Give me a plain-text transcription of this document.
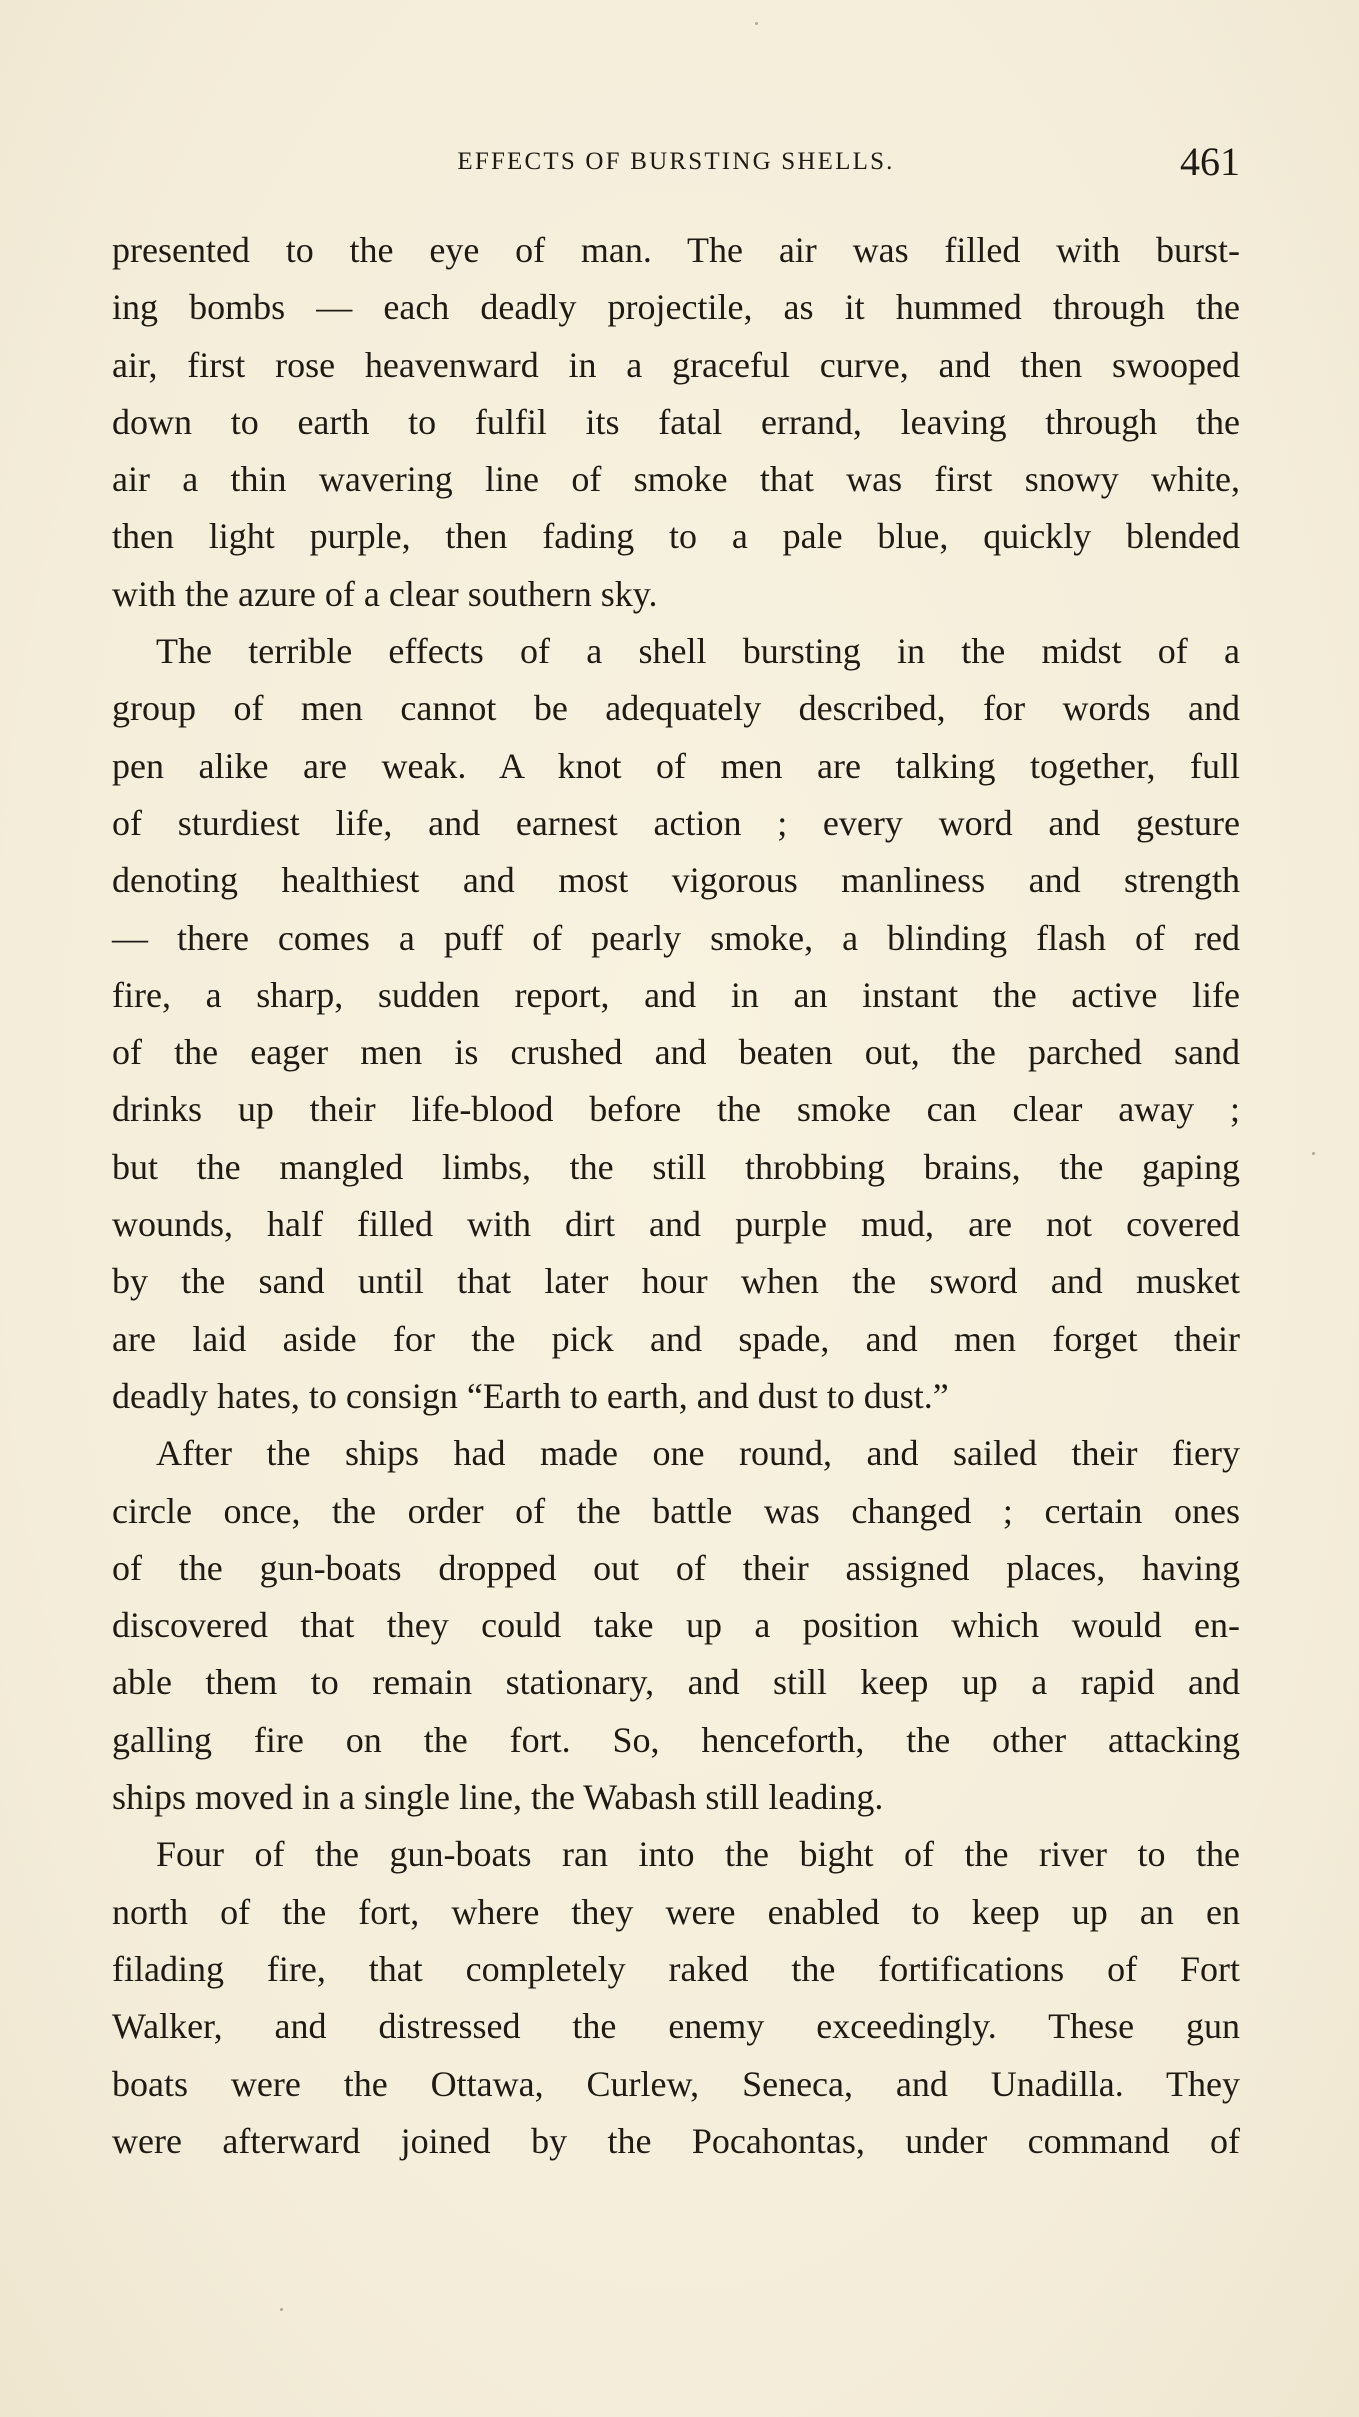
EFFECTS OF BURSTING SHELLS.	461
presented to the eye of man. The air was filled with burst-
ing bombs — each deadly projectile, as it hummed through the
air, first rose heavenward in a graceful curve, and then swooped
down to earth to fulfil its fatal errand, leaving through the
air a thin wavering line of smoke that was first snowy white,
then light purple, then fading to a pale blue, quickly blended
with the azure of a clear southern sky.
The terrible effects of a shell bursting in the midst of a
group of men cannot be adequately described, for words and
pen alike are weak. A knot of men are talking together, full
of sturdiest life, and earnest action ; every word and gesture
denoting healthiest and most vigorous manliness and strength
— there comes a puff of pearly smoke, a blinding flash of red
fire, a sharp, sudden report, and in an instant the active life
of the eager men is crushed and beaten out, the parched sand
drinks up their life-blood before the smoke can clear away ;
but the mangled limbs, the still throbbing brains, the gaping
wounds, half filled with dirt and purple mud, are not covered
by the sand until that later hour when the sword and musket
are laid aside for the pick and spade, and men forget their
deadly hates, to consign “Earth to earth, and dust to dust.”
After the ships had made one round, and sailed their fiery
circle once, the order of the battle was changed ; certain ones
of the gun-boats dropped out of their assigned places, having
discovered that they could take up a position which would en-
able them to remain stationary, and still keep up a rapid and
galling fire on the fort. So, henceforth, the other attacking
ships moved in a single line, the Wabash still leading.
Four of the gun-boats ran into the bight of the river to the
north of the fort, where they were enabled to keep up an en
filading fire, that completely raked the fortifications of Fort
Walker, and distressed the enemy exceedingly. These gun
boats were the Ottawa, Curlew, Seneca, and Unadilla. They
were afterward joined by the Pocahontas, under command of
